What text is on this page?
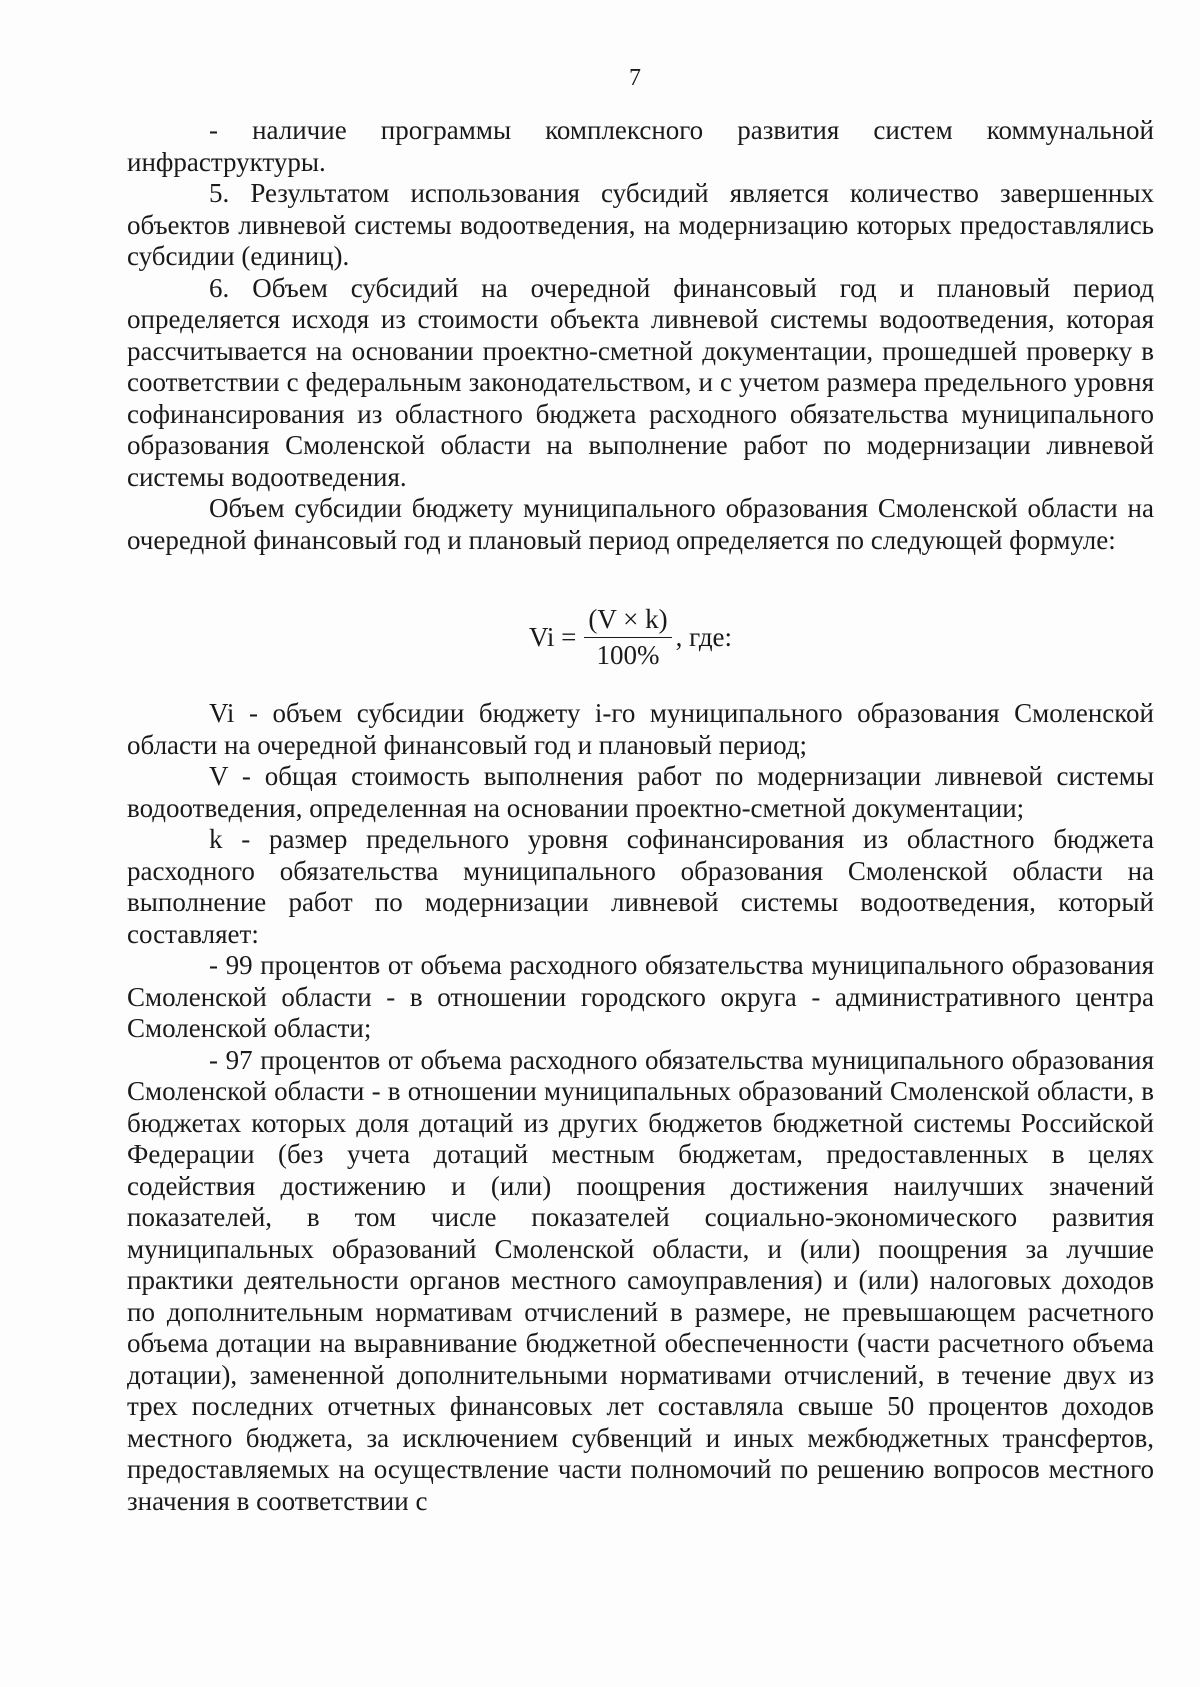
7

- наличие программы комплексного развития систем коммунальной инфраструктуры.

5. Результатом использования субсидий является количество завершенных объектов ливневой системы водоотведения, на модернизацию которых предоставлялись субсидии (единиц).

6. Объем субсидий на очередной финансовый год и плановый период определяется исходя из стоимости объекта ливневой системы водоотведения, которая рассчитывается на основании проектно-сметной документации, прошедшей проверку в соответствии с федеральным законодательством, и с учетом размера предельного уровня софинансирования из областного бюджета расходного обязательства муниципального образования Смоленской области на выполнение работ по модернизации ливневой системы водоотведения.

Объем субсидии бюджету муниципального образования Смоленской области на очередной финансовый год и плановый период определяется по следующей формуле:

$Vi = \frac{(V \times k)}{100\%}$ , где:

Vi - объем субсидии бюджету i-го муниципального образования Смоленской области на очередной финансовый год и плановый период;

V - общая стоимость выполнения работ по модернизации ливневой системы водоотведения, определенная на основании проектно-сметной документации;

k - размер предельного уровня софинансирования из областного бюджета расходного обязательства муниципального образования Смоленской области на выполнение работ по модернизации ливневой системы водоотведения, который составляет:

- 99 процентов от объема расходного обязательства муниципального образования Смоленской области - в отношении городского округа - административного центра Смоленской области;

- 97 процентов от объема расходного обязательства муниципального образования Смоленской области - в отношении муниципальных образований Смоленской области, в бюджетах которых доля дотаций из других бюджетов бюджетной системы Российской Федерации (без учета дотаций местным бюджетам, предоставленных в целях содействия достижению и (или) поощрения достижения наилучших значений показателей, в том числе показателей социально-экономического развития муниципальных образований Смоленской области, и (или) поощрения за лучшие практики деятельности органов местного самоуправления) и (или) налоговых доходов по дополнительным нормативам отчислений в размере, не превышающем расчетного объема дотации на выравнивание бюджетной обеспеченности (части расчетного объема дотации), замененной дополнительными нормативами отчислений, в течение двух из трех последних отчетных финансовых лет составляла свыше 50 процентов доходов местного бюджета, за исключением субвенций и иных межбюджетных трансфертов, предоставляемых на осуществление части полномочий по решению вопросов местного значения в соответствии с
